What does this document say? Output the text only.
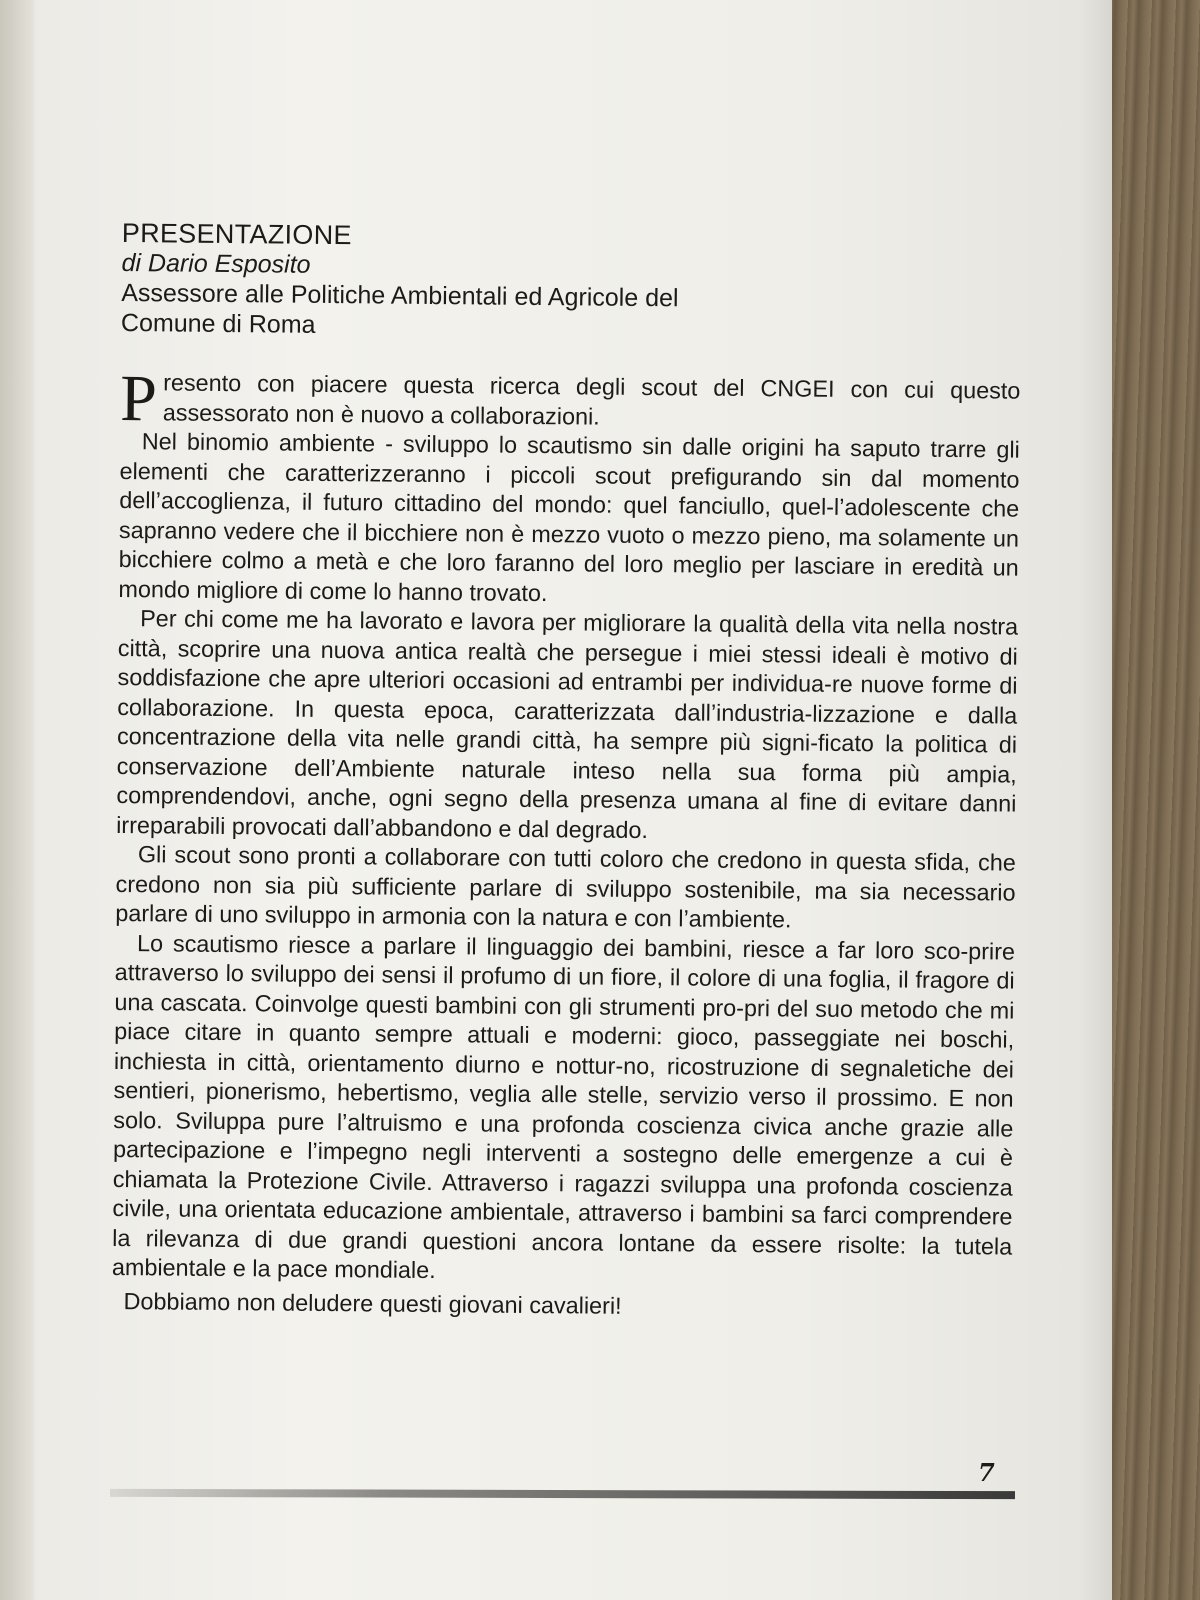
PRESENTAZIONE
di Dario Esposito
Assessore alle Politiche Ambientali ed Agricole del
Comune di Roma

Presento con piacere questa ricerca degli scout del CNGEI con cui questo assessorato non è nuovo a collaborazioni.

Nel binomio ambiente - sviluppo lo scautismo sin dalle origini ha saputo trarre gli elementi che caratterizzeranno i piccoli scout prefigurando sin dal momento dell’accoglienza, il futuro cittadino del mondo: quel fanciullo, quel-l’adolescente che sapranno vedere che il bicchiere non è mezzo vuoto o mezzo pieno, ma solamente un bicchiere colmo a metà e che loro faranno del loro meglio per lasciare in eredità un mondo migliore di come lo hanno trovato.

Per chi come me ha lavorato e lavora per migliorare la qualità della vita nella nostra città, scoprire una nuova antica realtà che persegue i miei stessi ideali è motivo di soddisfazione che apre ulteriori occasioni ad entrambi per individua-re nuove forme di collaborazione. In questa epoca, caratterizzata dall’industria-lizzazione e dalla concentrazione della vita nelle grandi città, ha sempre più signi-ficato la politica di conservazione dell’Ambiente naturale inteso nella sua forma più ampia, comprendendovi, anche, ogni segno della presenza umana al fine di evitare danni irreparabili provocati dall’abbandono e dal degrado.

Gli scout sono pronti a collaborare con tutti coloro che credono in questa sfida, che credono non sia più sufficiente parlare di sviluppo sostenibile, ma sia necessario parlare di uno sviluppo in armonia con la natura e con l’ambiente.

Lo scautismo riesce a parlare il linguaggio dei bambini, riesce a far loro sco-prire attraverso lo sviluppo dei sensi il profumo di un fiore, il colore di una foglia, il fragore di una cascata. Coinvolge questi bambini con gli strumenti pro-pri del suo metodo che mi piace citare in quanto sempre attuali e moderni: gioco, passeggiate nei boschi, inchiesta in città, orientamento diurno e nottur-no, ricostruzione di segnaletiche dei sentieri, pionerismo, hebertismo, veglia alle stelle, servizio verso il prossimo. E non solo. Sviluppa pure l’altruismo e una profonda coscienza civica anche grazie alle partecipazione e l’impegno negli interventi a sostegno delle emergenze a cui è chiamata la Protezione Civile. Attraverso i ragazzi sviluppa una profonda coscienza civile, una orientata educazione ambientale, attraverso i bambini sa farci comprendere la rilevanza di due grandi questioni ancora lontane da essere risolte: la tutela ambientale e la pace mondiale.

Dobbiamo non deludere questi giovani cavalieri!

7
